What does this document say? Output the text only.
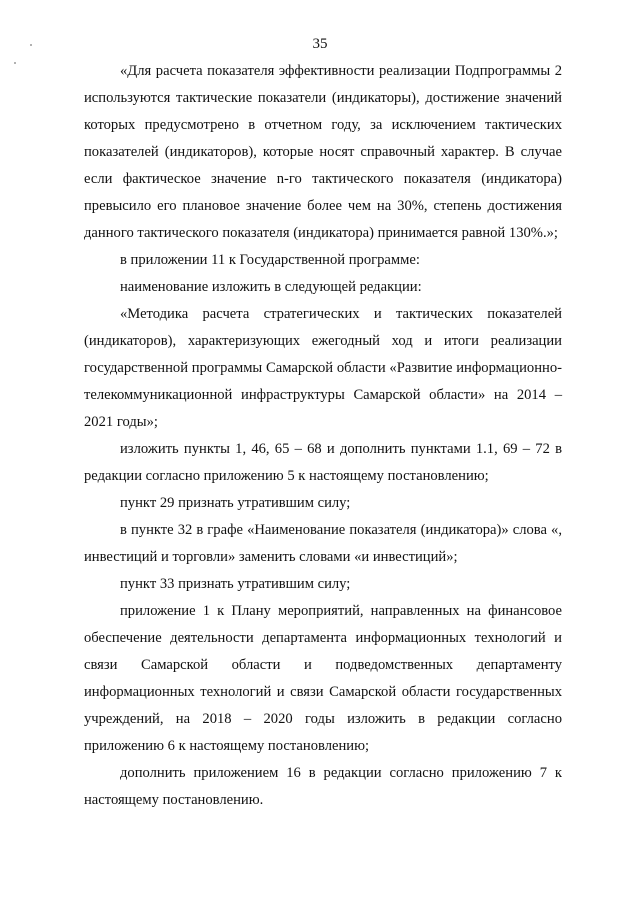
35

«Для расчета показателя эффективности реализации Подпрограммы 2 используются тактические показатели (индикаторы), достижение значений которых предусмотрено в отчетном году, за исключением тактических показателей (индикаторов), которые носят справочный характер. В случае если фактическое значение n-го тактического показателя (индикатора) превысило его плановое значение более чем на 30%, степень достижения данного тактического показателя (индикатора) принимается равной 130%.»;

в приложении 11 к Государственной программе:

наименование изложить в следующей редакции:

«Методика расчета стратегических и тактических показателей (индикаторов), характеризующих ежегодный ход и итоги реализации государственной программы Самарской области «Развитие информационно-телекоммуникационной инфраструктуры Самарской области» на 2014 – 2021 годы»;

изложить пункты 1, 46, 65 – 68 и дополнить пунктами 1.1, 69 – 72 в редакции согласно приложению 5 к настоящему постановлению;

пункт 29 признать утратившим силу;

в пункте 32 в графе «Наименование показателя (индикатора)» слова «, инвестиций и торговли» заменить словами «и инвестиций»;

пункт 33 признать утратившим силу;

приложение 1 к Плану мероприятий, направленных на финансовое обеспечение деятельности департамента информационных технологий и связи Самарской области и подведомственных департаменту информационных технологий и связи Самарской области государственных учреждений, на 2018 – 2020 годы изложить в редакции согласно приложению 6 к настоящему постановлению;

дополнить приложением 16 в редакции согласно приложению 7 к настоящему постановлению.
